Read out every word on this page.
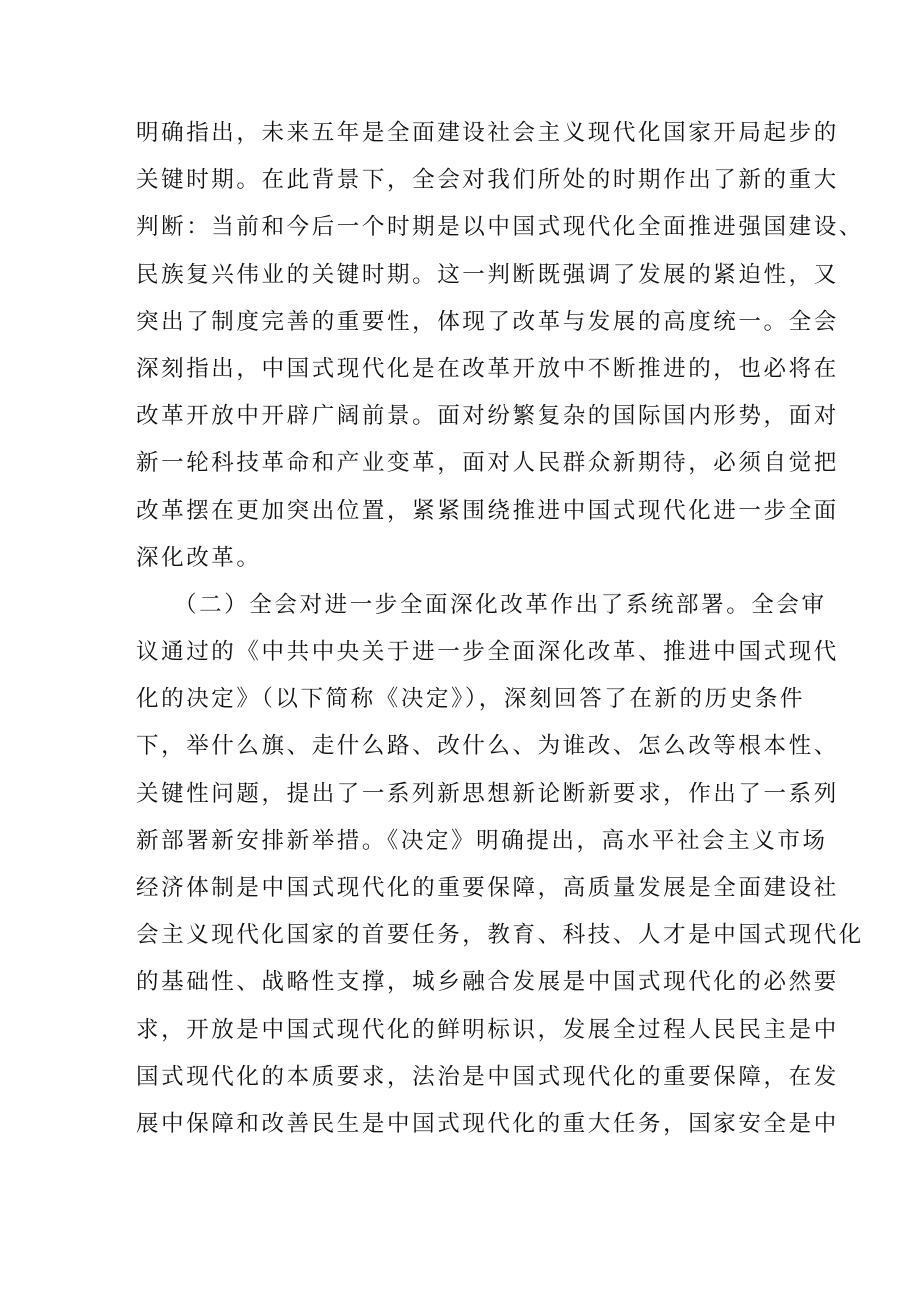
明确指出，未来五年是全面建设社会主义现代化国家开局起步的
关键时期。在此背景下，全会对我们所处的时期作出了新的重大
判断：当前和今后一个时期是以中国式现代化全面推进强国建设、
民族复兴伟业的关键时期。这一判断既强调了发展的紧迫性，又
突出了制度完善的重要性，体现了改革与发展的高度统一。全会
深刻指出，中国式现代化是在改革开放中不断推进的，也必将在
改革开放中开辟广阔前景。面对纷繁复杂的国际国内形势，面对
新一轮科技革命和产业变革，面对人民群众新期待，必须自觉把
改革摆在更加突出位置，紧紧围绕推进中国式现代化进一步全面
深化改革。
（二）全会对进一步全面深化改革作出了系统部署。全会审
议通过的《中共中央关于进一步全面深化改革、推进中国式现代
化的决定》（以下简称《决定》），深刻回答了在新的历史条件
下，举什么旗、走什么路、改什么、为谁改、怎么改等根本性、
关键性问题，提出了一系列新思想新论断新要求，作出了一系列
新部署新安排新举措。《决定》明确提出，高水平社会主义市场
经济体制是中国式现代化的重要保障，高质量发展是全面建设社
会主义现代化国家的首要任务，教育、科技、人才是中国式现代化
的基础性、战略性支撑，城乡融合发展是中国式现代化的必然要
求，开放是中国式现代化的鲜明标识，发展全过程人民民主是中
国式现代化的本质要求，法治是中国式现代化的重要保障，在发
展中保障和改善民生是中国式现代化的重大任务，国家安全是中
